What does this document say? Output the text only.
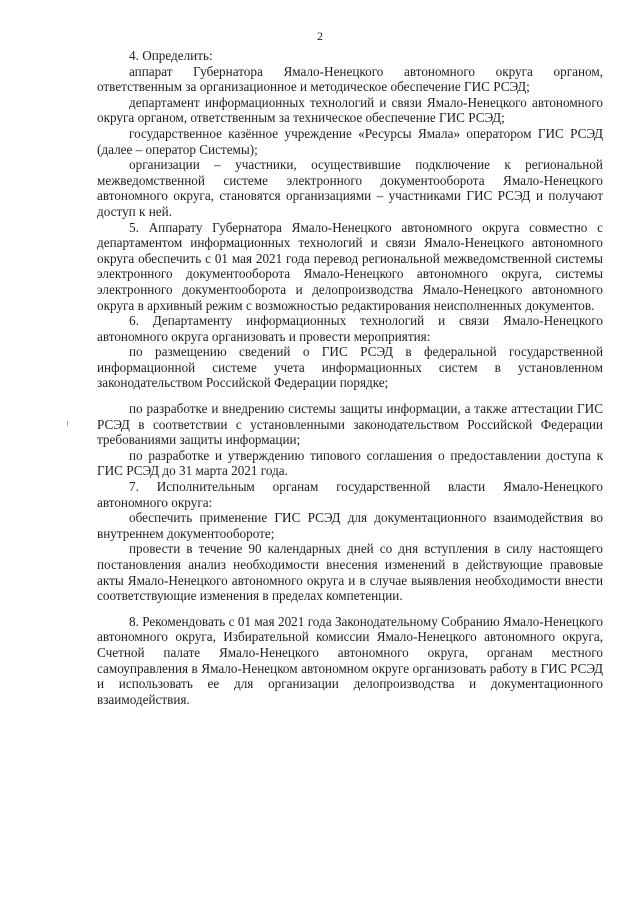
2

4. Определить:

аппарат Губернатора Ямало-Ненецкого автономного округа органом, ответственным за организационное и методическое обеспечение ГИС РСЭД;

департамент информационных технологий и связи Ямало-Ненецкого автономного округа органом, ответственным за техническое обеспечение ГИС РСЭД;

государственное казённое учреждение «Ресурсы Ямала» оператором ГИС РСЭД (далее – оператор Системы);

организации – участники, осуществившие подключение к региональной межведомственной системе электронного документооборота Ямало-Ненецкого автономного округа, становятся организациями – участниками ГИС РСЭД и получают доступ к ней.

5. Аппарату Губернатора Ямало-Ненецкого автономного округа совместно с департаментом информационных технологий и связи Ямало-Ненецкого автономного округа обеспечить с 01 мая 2021 года перевод региональной межведомственной системы электронного документооборота Ямало-Ненецкого автономного округа, системы электронного документооборота и делопроизводства Ямало-Ненецкого автономного округа в архивный режим с возможностью редактирования неисполненных документов.

6. Департаменту информационных технологий и связи Ямало-Ненецкого автономного округа организовать и провести мероприятия:

по размещению сведений о ГИС РСЭД в федеральной государственной информационной системе учета информационных систем в установленном законодательством Российской Федерации порядке;

по разработке и внедрению системы защиты информации, а также аттестации ГИС РСЭД в соответствии с установленными законодательством Российской Федерации требованиями защиты информации;

по разработке и утверждению типового соглашения о предоставлении доступа к ГИС РСЭД до 31 марта 2021 года.

7. Исполнительным органам государственной власти Ямало-Ненецкого автономного округа:

обеспечить применение ГИС РСЭД для документационного взаимодействия во внутреннем документообороте;

провести в течение 90 календарных дней со дня вступления в силу настоящего постановления анализ необходимости внесения изменений в действующие правовые акты Ямало-Ненецкого автономного округа и в случае выявления необходимости внести соответствующие изменения в пределах компетенции.

8. Рекомендовать с 01 мая 2021 года Законодательному Собранию Ямало-Ненецкого автономного округа, Избирательной комиссии Ямало-Ненецкого автономного округа, Счетной палате Ямало-Ненецкого автономного округа, органам местного самоуправления в Ямало-Ненецком автономном округе организовать работу в ГИС РСЭД и использовать ее для организации делопроизводства и документационного взаимодействия.
